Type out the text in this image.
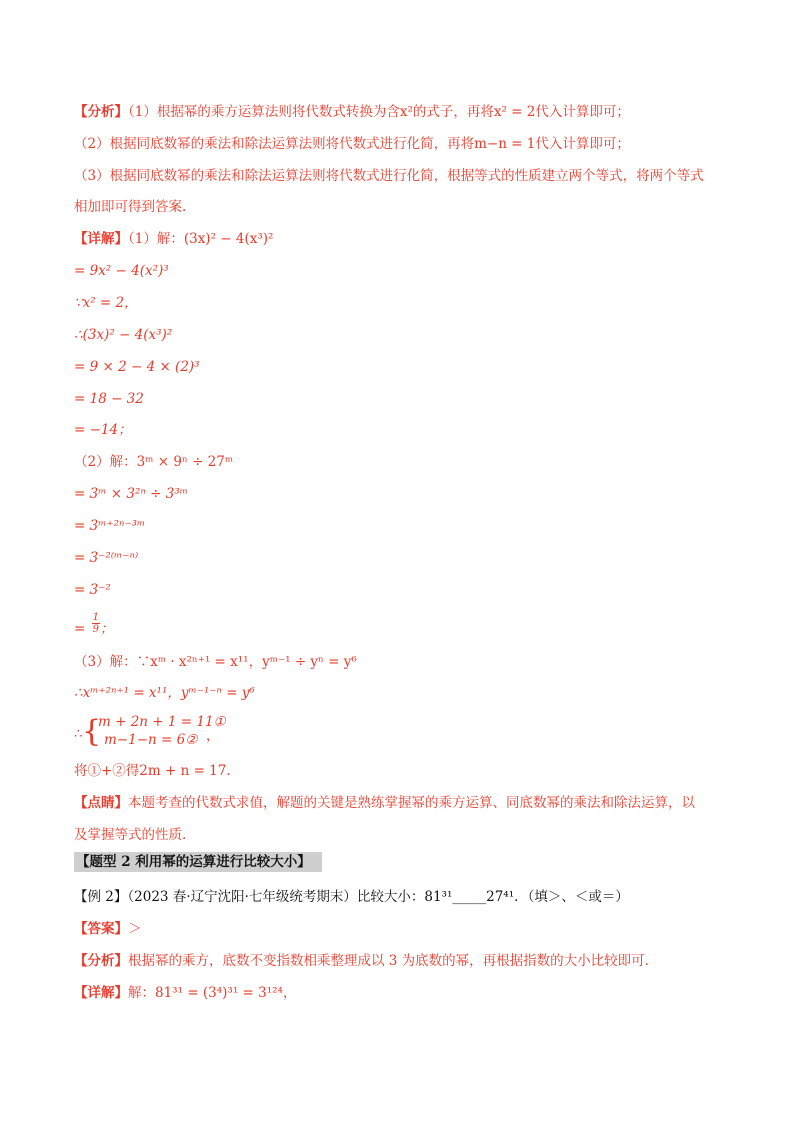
【分析】（1）根据幂的乘方运算法则将代数式转换为含x²的式子，再将x² = 2代入计算即可；
（2）根据同底数幂的乘法和除法运算法则将代数式进行化简，再将m−n = 1代入计算即可；
（3）根据同底数幂的乘法和除法运算法则将代数式进行化简，根据等式的性质建立两个等式，将两个等式
相加即可得到答案.
【详解】（1）解：(3x)² − 4(x³)²
= 9x² − 4(x²)³
∵x² = 2，
∴(3x)² − 4(x³)²
= 9 × 2 − 4 × (2)³
= 18 − 32
= −14；
（2）解：3ᵐ × 9ⁿ ÷ 27ᵐ
= 3ᵐ × 3²ⁿ ÷ 3³ᵐ
= 3ᵐ⁺²ⁿ⁻³ᵐ
= 3⁻²⁽ᵐ⁻ⁿ⁾
= 3⁻²
= $\frac{1}{9}$ ；
（3）解：∵xᵐ · x²ⁿ⁺¹ = x¹¹，yᵐ⁻¹ ÷ yⁿ = y⁶
∴xᵐ⁺²ⁿ⁺¹ = x¹¹，yᵐ⁻¹⁻ⁿ = y⁶
∴ {
m + 2n + 1 = 11①
m−1−n = 6② ，
将①+②得2m + n = 17.
【点睛】本题考查的代数式求值，解题的关键是熟练掌握幂的乘方运算、同底数幂的乘法和除法运算，以
及掌握等式的性质.
【题型 2 利用幂的运算进行比较大小】
【例 2】（2023 春·辽宁沈阳·七年级统考期末）比较大小：81³¹_____27⁴¹．（填＞、＜或＝）
【答案】＞
【分析】根据幂的乘方，底数不变指数相乘整理成以 3 为底数的幂，再根据指数的大小比较即可.
【详解】解：81³¹ = (3⁴)³¹ = 3¹²⁴，
